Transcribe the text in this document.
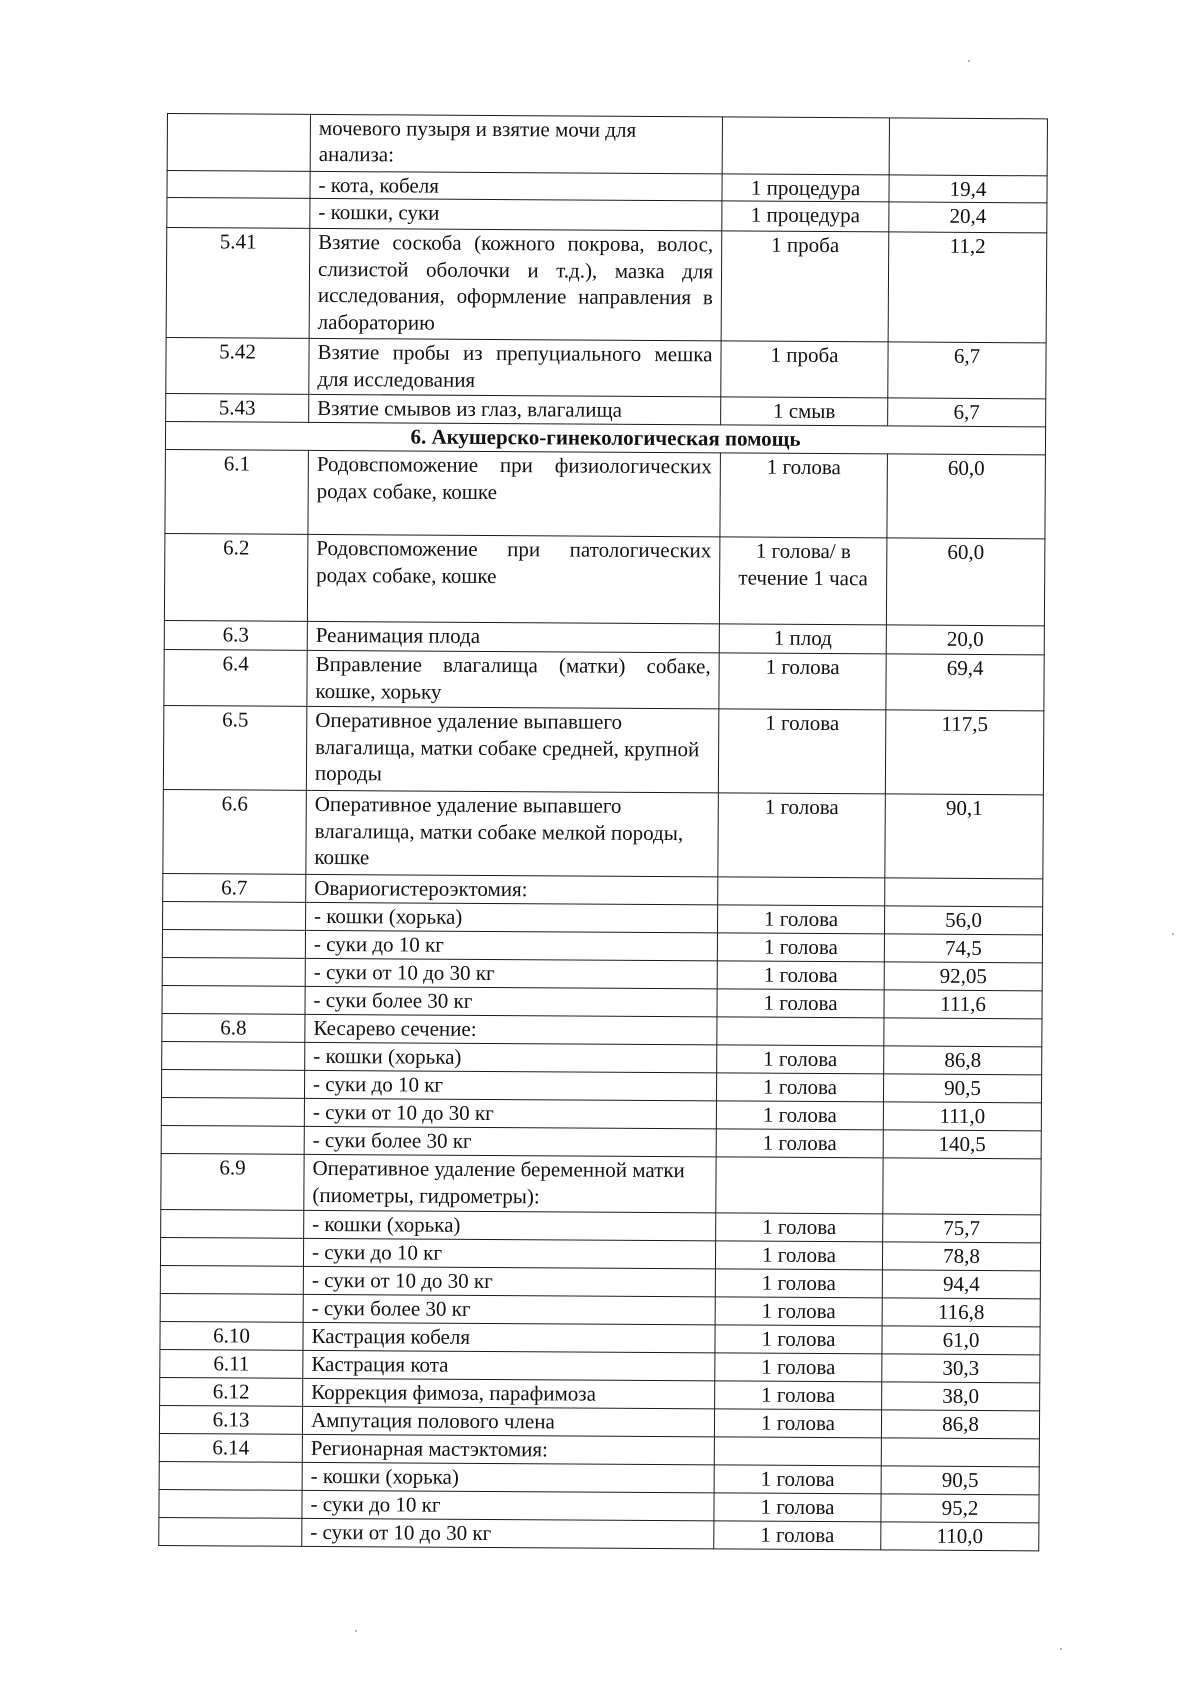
	мочевого пузыря и взятие мочи для анализа:		
	- кота, кобеля	1 процедура	19,4
	- кошки, суки	1 процедура	20,4
5.41	Взятие соскоба (кожного покрова, волос, слизистой оболочки и т.д.), мазка для исследования, оформление направления в лабораторию	1 проба	11,2
5.42	Взятие пробы из препуциального мешка для исследования	1 проба	6,7
5.43	Взятие смывов из глаз, влагалища	1 смыв	6,7
6. Акушерско-гинекологическая помощь			
6.1	Родовспоможение при физиологических родах собаке, кошке	1 голова	60,0
6.2	Родовспоможение при патологических родах собаке, кошке	1 голова/ в течение 1 часа	60,0
6.3	Реанимация плода	1 плод	20,0
6.4	Вправление влагалища (матки) собаке, кошке, хорьку	1 голова	69,4
6.5	Оперативное удаление выпавшего влагалища, матки собаке средней, крупной породы	1 голова	117,5
6.6	Оперативное удаление выпавшего влагалища, матки собаке мелкой породы, кошке	1 голова	90,1
6.7	Овариогистероэктомия:		
	- кошки (хорька)	1 голова	56,0
	- суки до 10 кг	1 голова	74,5
	- суки от 10 до 30 кг	1 голова	92,05
	- суки более 30 кг	1 голова	111,6
6.8	Кесарево сечение:		
	- кошки (хорька)	1 голова	86,8
	- суки до 10 кг	1 голова	90,5
	- суки от 10 до 30 кг	1 голова	111,0
	- суки более 30 кг	1 голова	140,5
6.9	Оперативное удаление беременной матки (пиометры, гидрометры):		
	- кошки (хорька)	1 голова	75,7
	- суки до 10 кг	1 голова	78,8
	- суки от 10 до 30 кг	1 голова	94,4
	- суки более 30 кг	1 голова	116,8
6.10	Кастрация кобеля	1 голова	61,0
6.11	Кастрация кота	1 голова	30,3
6.12	Коррекция фимоза, парафимоза	1 голова	38,0
6.13	Ампутация полового члена	1 голова	86,8
6.14	Регионарная мастэктомия:		
	- кошки (хорька)	1 голова	90,5
	- суки до 10 кг	1 голова	95,2
	- суки от 10 до 30 кг	1 голова	110,0
